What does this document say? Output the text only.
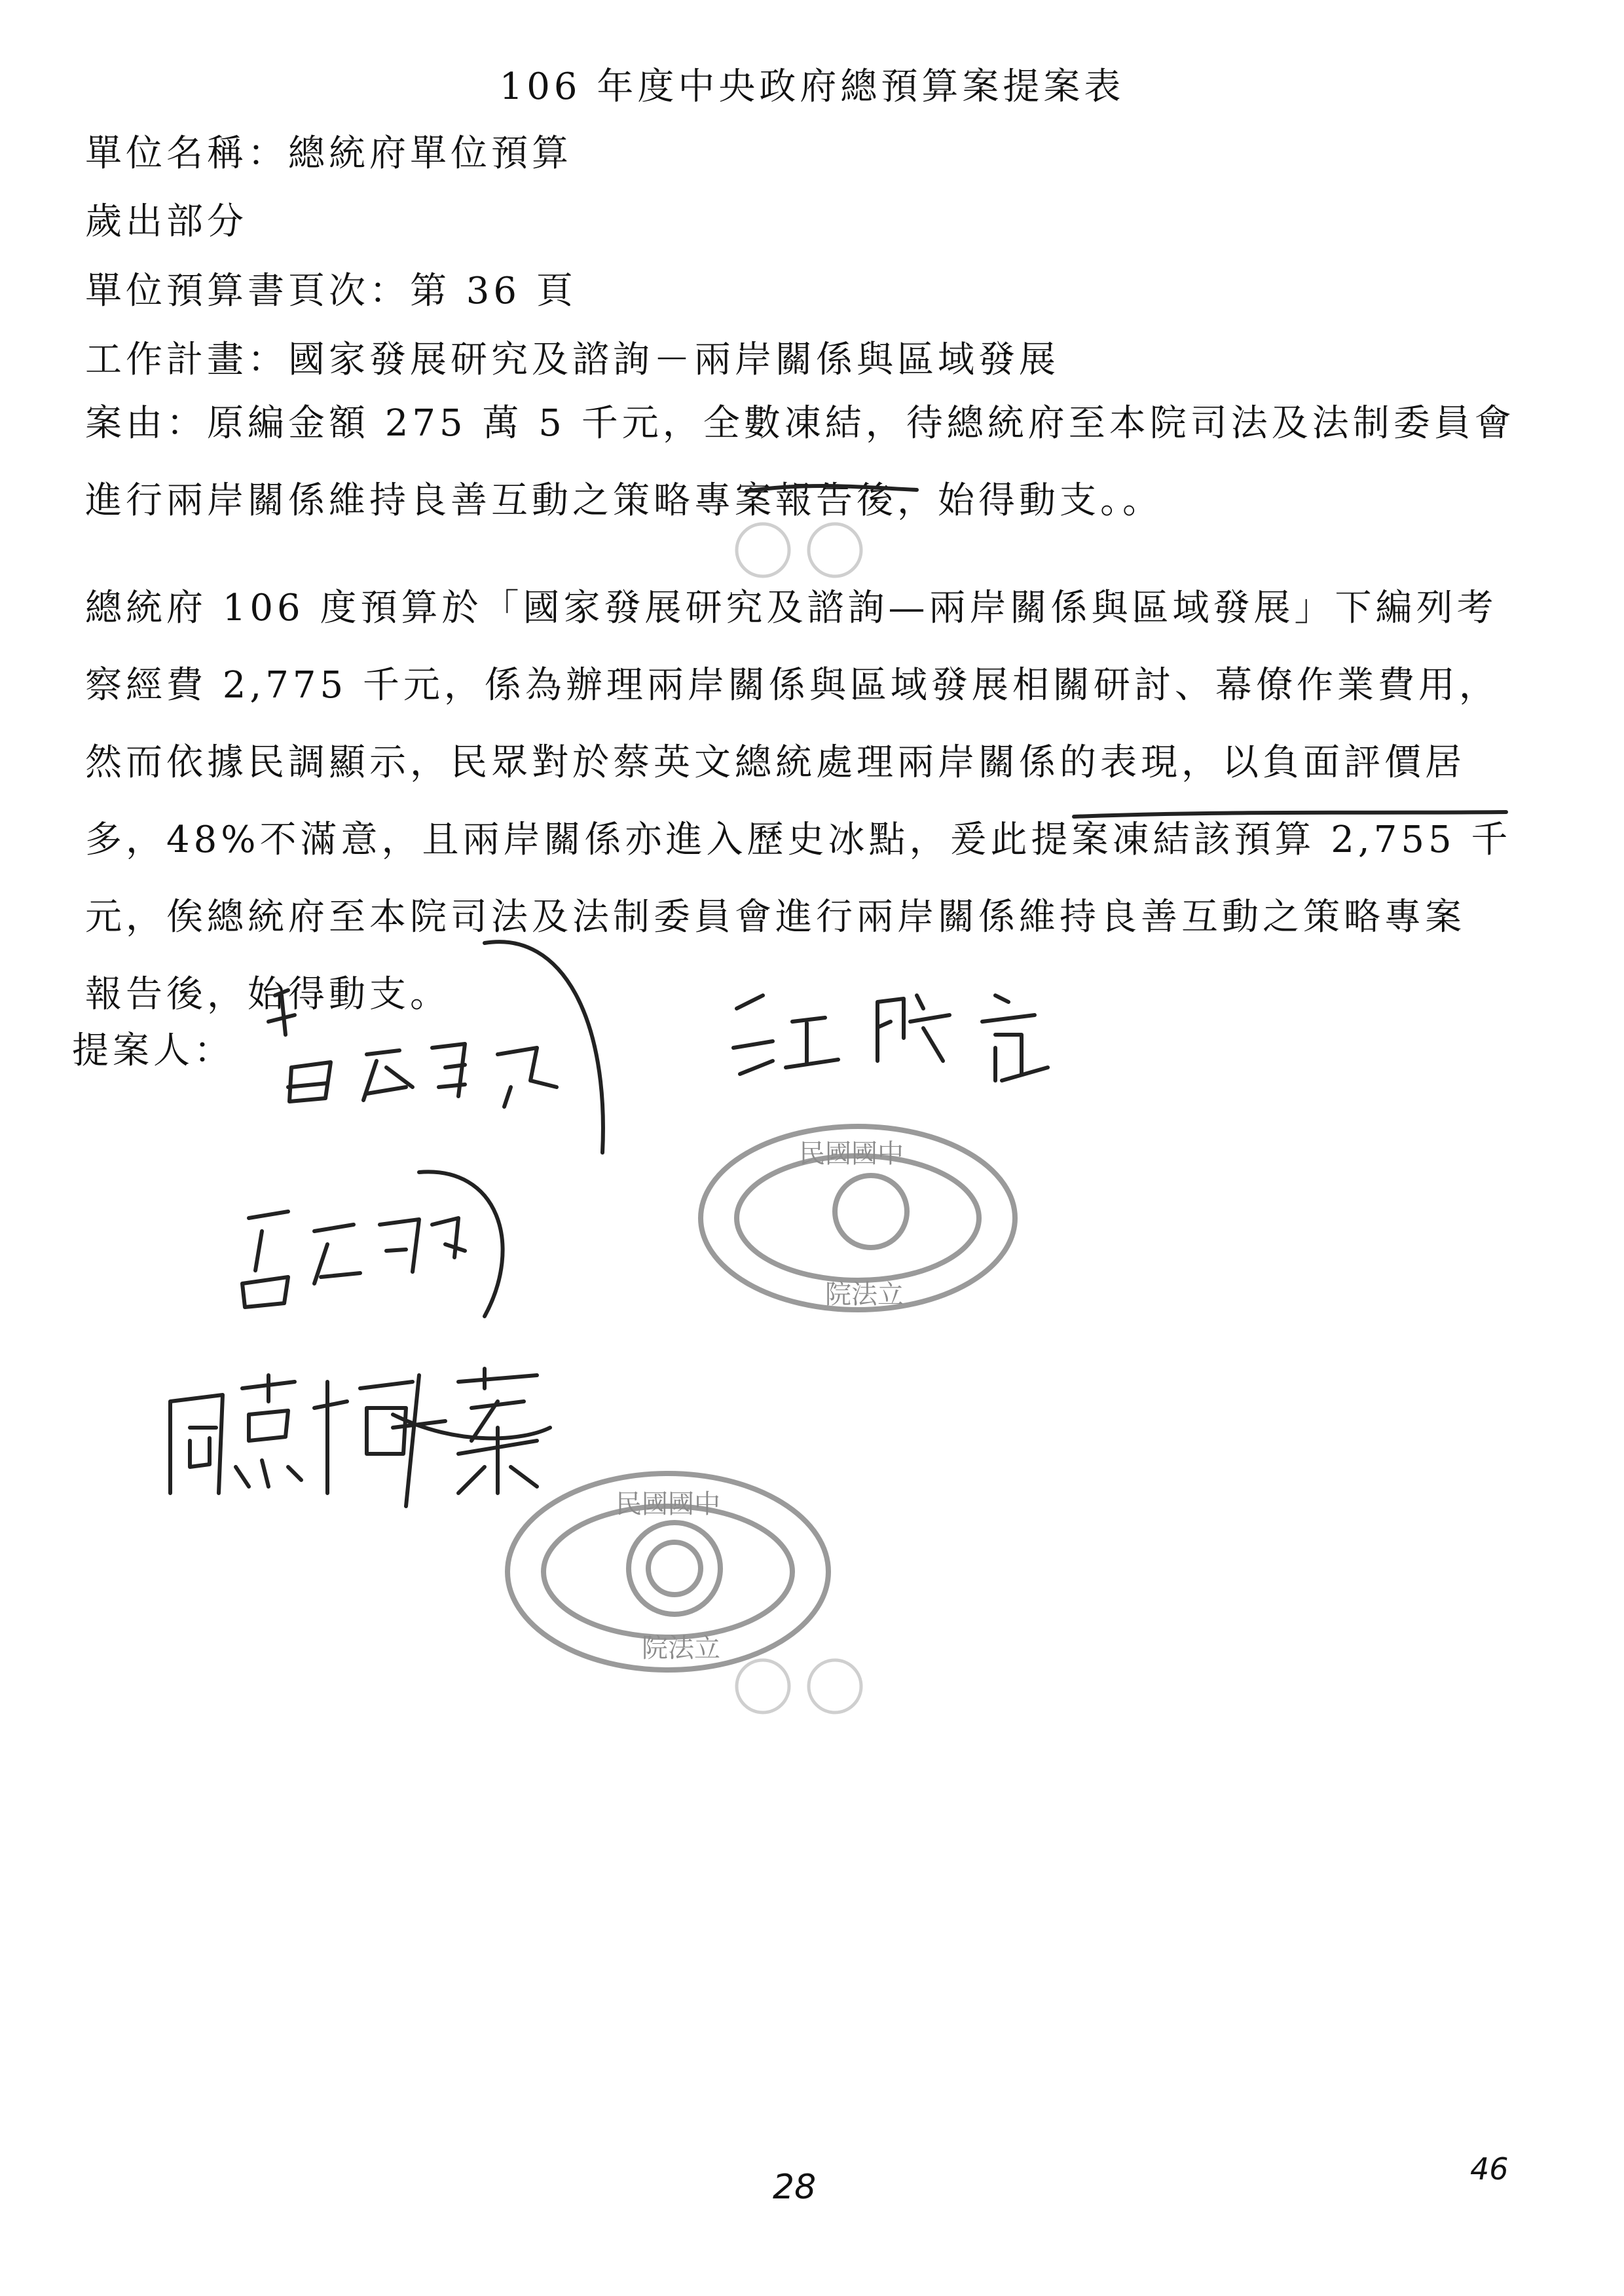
106 年度中央政府總預算案提案表
單位名稱：總統府單位預算
歲出部分
單位預算書頁次：第 36 頁
工作計畫：國家發展研究及諮詢－兩岸關係與區域發展

案由：原編金額 275 萬 5 千元，全數凍結，待總統府至本院司法及法制委員會

進行兩岸關係維持良善互動之策略專案報告後，始得動支。。

總統府 106 度預算於「國家發展研究及諮詢—兩岸關係與區域發展」下編列考

察經費 2,775 千元，係為辦理兩岸關係與區域發展相關研討、幕僚作業費用，

然而依據民調顯示，民眾對於蔡英文總統處理兩岸關係的表現，以負面評價居

多，48%不滿意，且兩岸關係亦進入歷史冰點，爰此提案凍結該預算 2,755 千

元，俟總統府至本院司法及法制委員會進行兩岸關係維持良善互動之策略專案

報告後，始得動支。

提案人：
民國國中
院法立
民國國中
院法立
28	46
